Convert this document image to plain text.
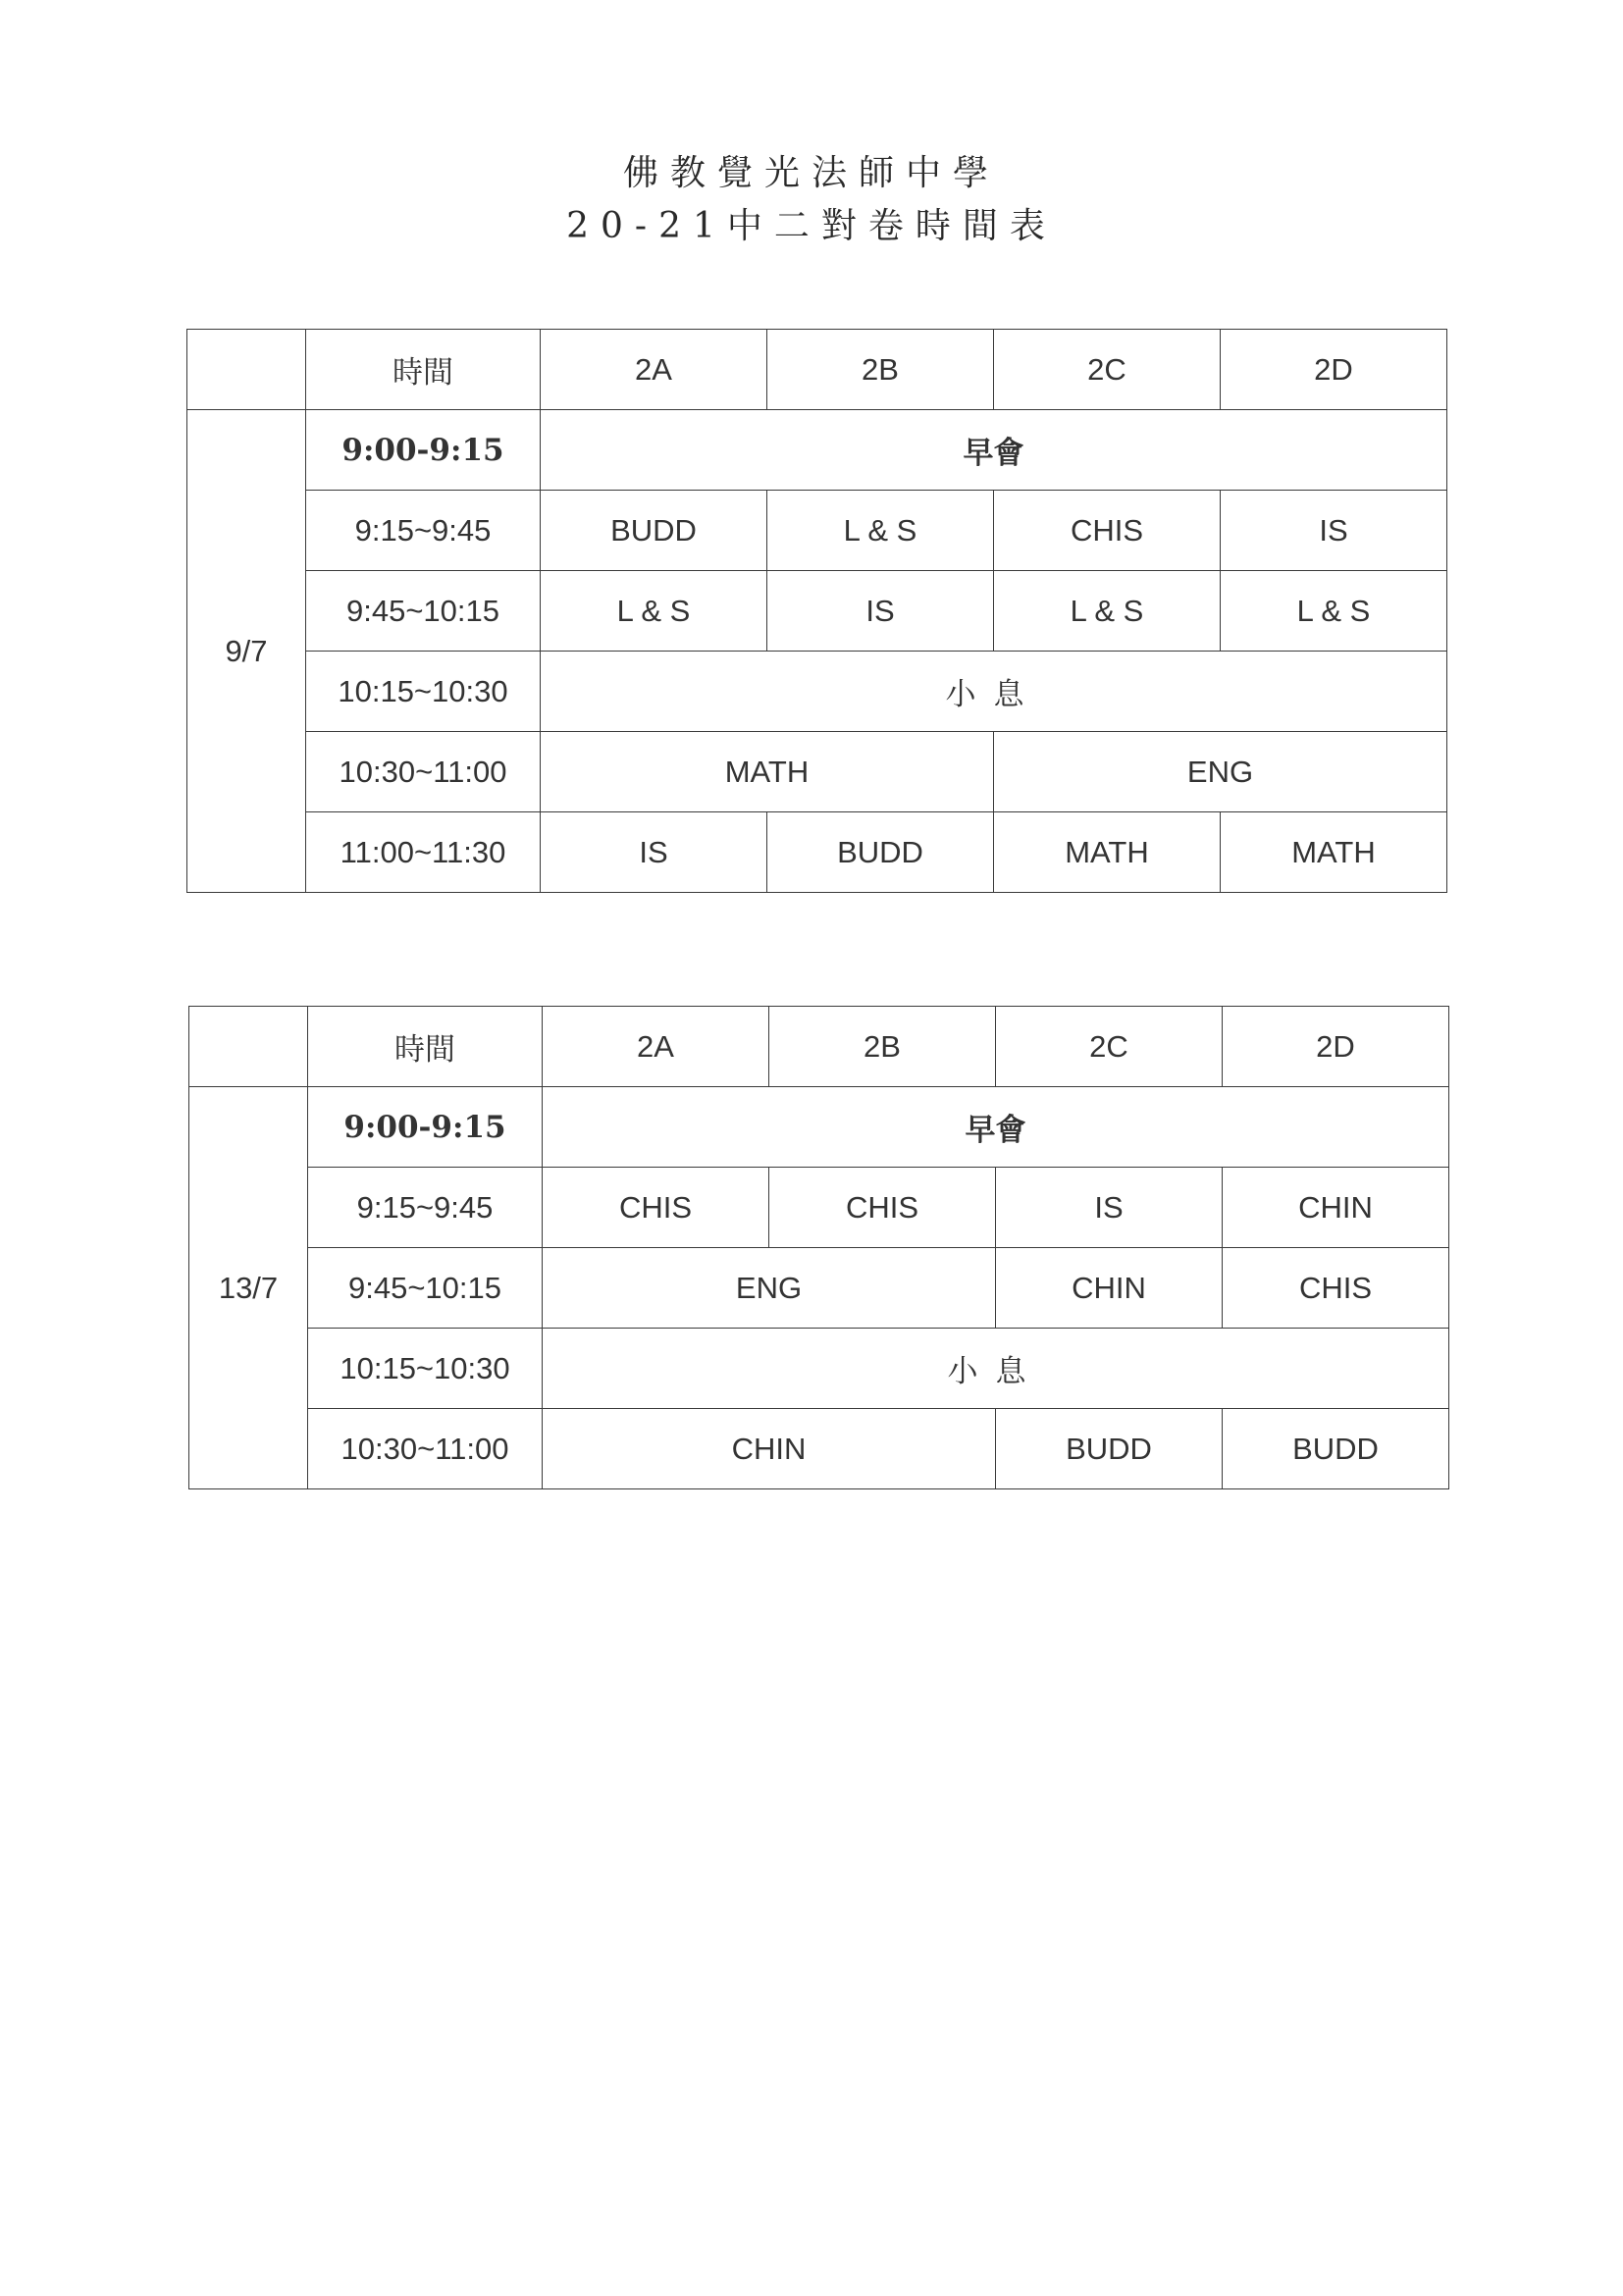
佛教覺光法師中學
20-21中二對卷時間表
	時間	2A	2B	2C	2D
9/7	9:00-9:15	早會			
	9:15~9:45	BUDD	L & S	CHIS	IS
	9:45~10:15	L & S	IS	L & S	L & S
	10:15~10:30	小息			
	10:30~11:00	MATH		ENG	
	11:00~11:30	IS	BUDD	MATH	MATH
	時間	2A	2B	2C	2D
13/7	9:00-9:15	早會			
	9:15~9:45	CHIS	CHIS	IS	CHIN
	9:45~10:15	ENG		CHIN	CHIS
	10:15~10:30	小息			
	10:30~11:00	CHIN		BUDD	BUDD
